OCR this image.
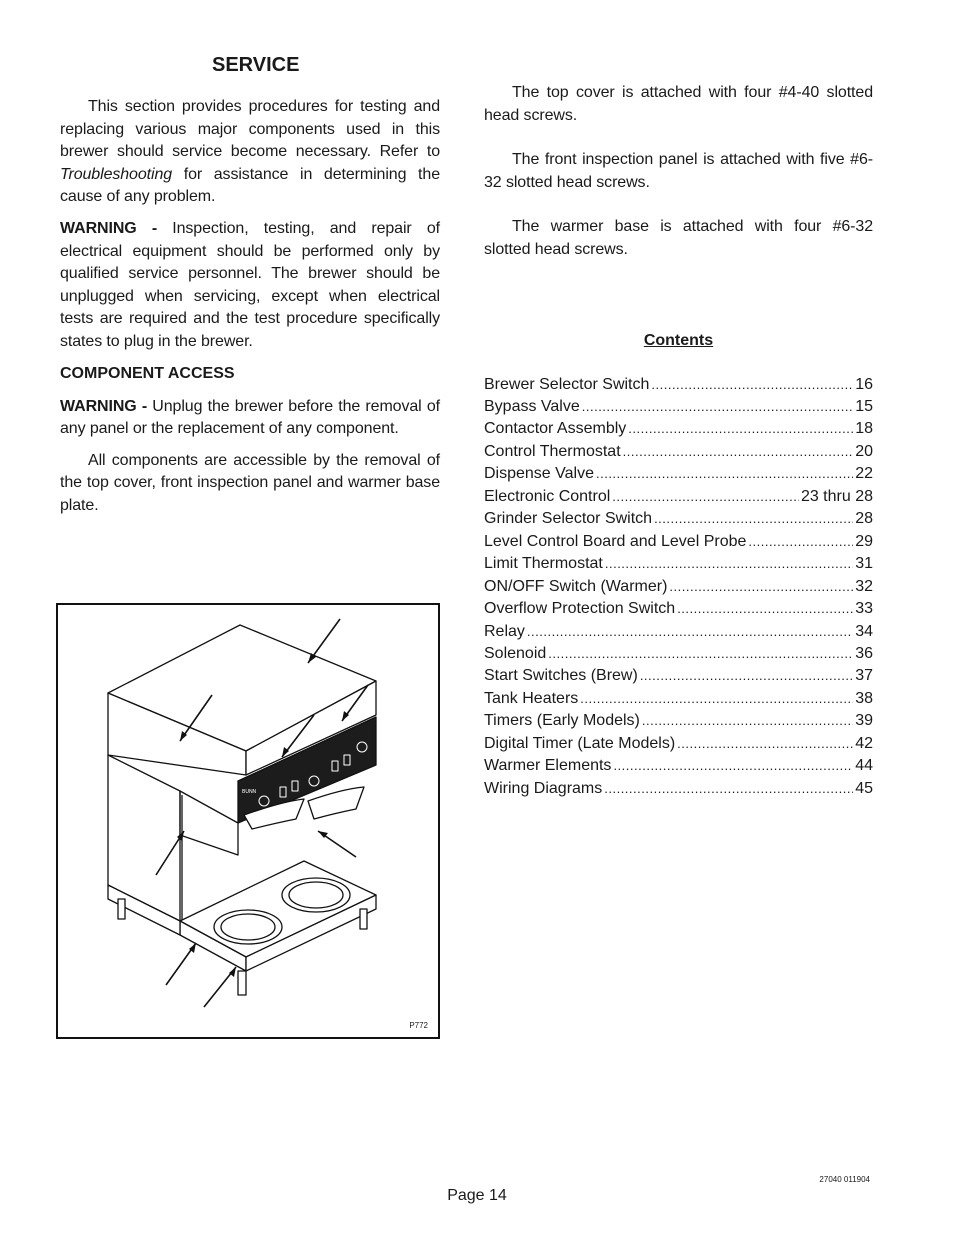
SERVICE

This section provides procedures for testing and replacing various major components used in this brewer should service become necessary. Refer to Troubleshooting for assistance in determining the cause of any problem.

WARNING - Inspection, testing, and repair of electrical equipment should be performed only by qualified service personnel. The brewer should be unplugged when servicing, except when electrical tests are required and the test procedure specifically states to plug in the brewer.

COMPONENT ACCESS

WARNING - Unplug the brewer before the removal of any panel or the replacement of any component.

All components are accessible by the removal of the top cover, front inspection panel and warmer base plate.

The top cover is attached with four #4-40 slotted head screws.

The front inspection panel is attached with five #6-32 slotted head screws.

The warmer base is attached with four #6-32 slotted head screws.

Contents

Brewer Selector Switch .....	16
Bypass Valve .....	15
Contactor Assembly .....	18
Control Thermostat .....	20
Dispense Valve .....	22
Electronic Control .....	23 thru 28
Grinder Selector Switch .....	28
Level Control Board and Level Probe .....	29
Limit Thermostat .....	31
ON/OFF Switch (Warmer) .....	32
Overflow Protection Switch .....	33
Relay .....	34
Solenoid .....	36
Start Switches (Brew) .....	37
Tank Heaters .....	38
Timers (Early Models) .....	39
Digital Timer (Late Models) .....	42
Warmer Elements .....	44
Wiring Diagrams .....	45
BUNN
P772
27040 011904
Page 14
